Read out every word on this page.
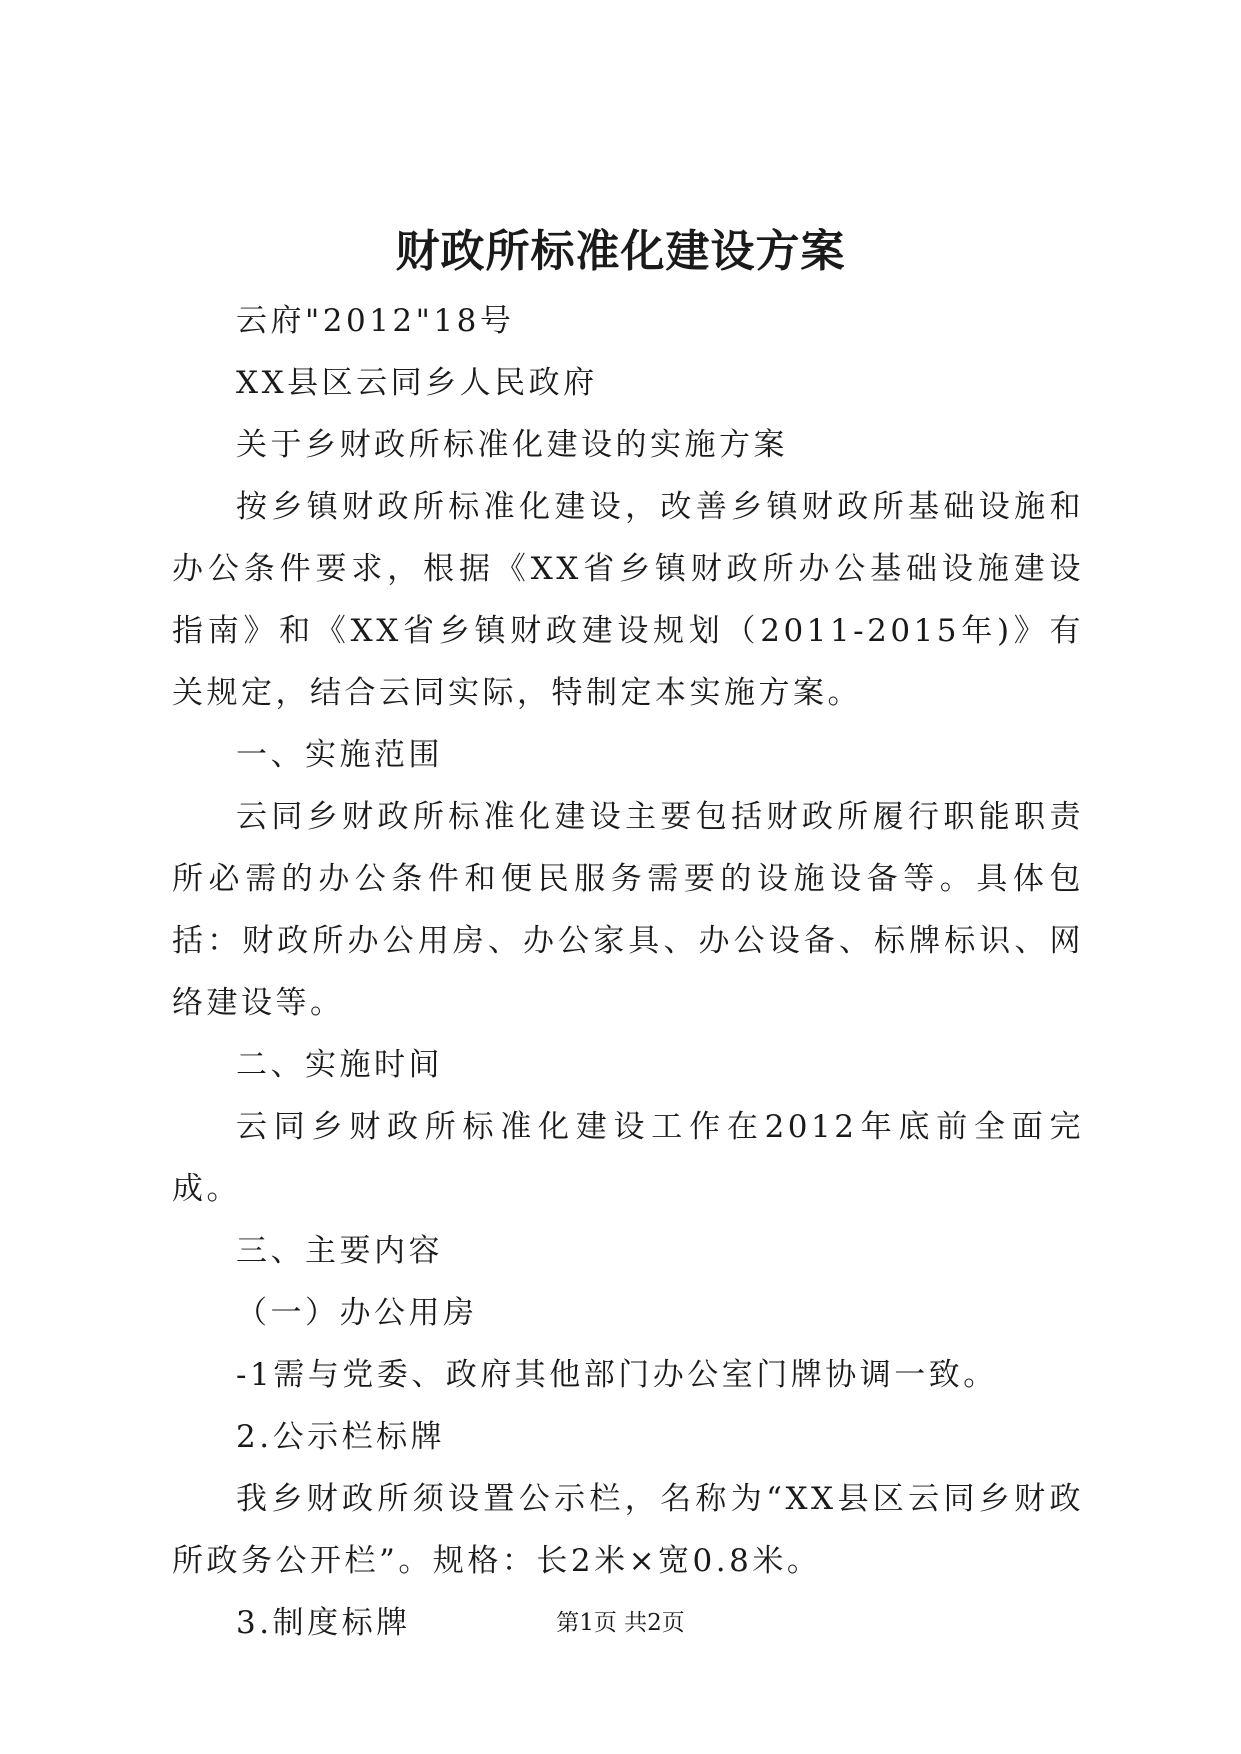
财政所标准化建设方案

云府"2012"18号

XX县区云同乡人民政府

关于乡财政所标准化建设的实施方案

按乡镇财政所标准化建设，改善乡镇财政所基础设施和办公条件要求，根据《XX省乡镇财政所办公基础设施建设指南》和《XX省乡镇财政建设规划（2011-2015年)》有关规定，结合云同实际，特制定本实施方案。

一、实施范围

云同乡财政所标准化建设主要包括财政所履行职能职责所必需的办公条件和便民服务需要的设施设备等。具体包括：财政所办公用房、办公家具、办公设备、标牌标识、网络建设等。

二、实施时间

云同乡财政所标准化建设工作在2012年底前全面完成。

三、主要内容

（一）办公用房

-1需与党委、政府其他部门办公室门牌协调一致。

2.公示栏标牌

我乡财政所须设置公示栏，名称为“XX县区云同乡财政所政务公开栏”。规格：长2米×宽0.8米。

3.制度标牌	第1页 共2页
